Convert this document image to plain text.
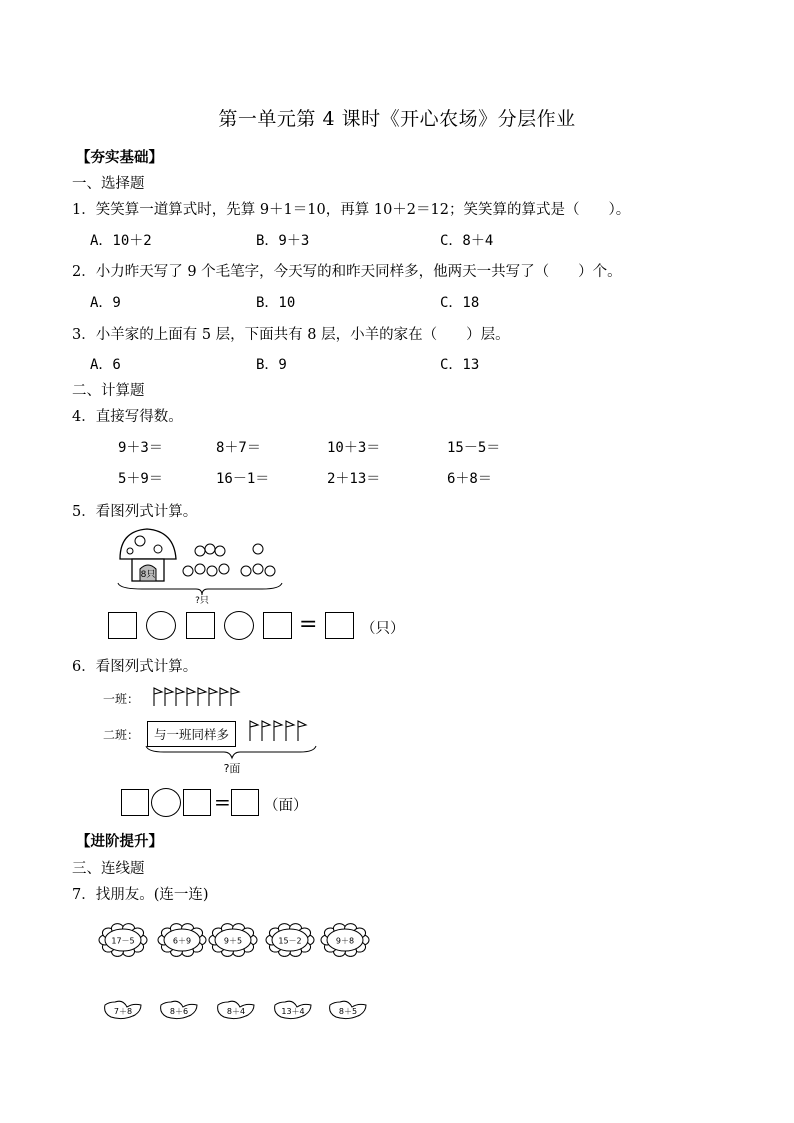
第一单元第 4 课时《开心农场》分层作业
【夯实基础】
一、选择题
1．笑笑算一道算式时，先算 9＋1＝10，再算 10＋2＝12；笑笑算的算式是（　　）。
A．10＋2	B．9＋3	C．8＋4
2．小力昨天写了 9 个毛笔字，今天写的和昨天同样多，他两天一共写了（　　）个。
A．9	B．10	C．18
3．小羊家的上面有 5 层，下面共有 8 层，小羊的家在（　　）层。
A．6	B．9	C．13
二、计算题
4．直接写得数。
9＋3＝	8＋7＝	10＋3＝	15－5＝
5＋9＝	16－1＝	2＋13＝	6＋8＝
5．看图列式计算。
8只
?只
=	（只）
6．看图列式计算。
一班：
二班：	与一班同样多
?面
= （面）
【进阶提升】
三、连线题
7．找朋友。(连一连)
17－5	6＋9	9＋5	15－2	9＋8
7＋8	8＋6	8＋4	13＋4	8＋5
